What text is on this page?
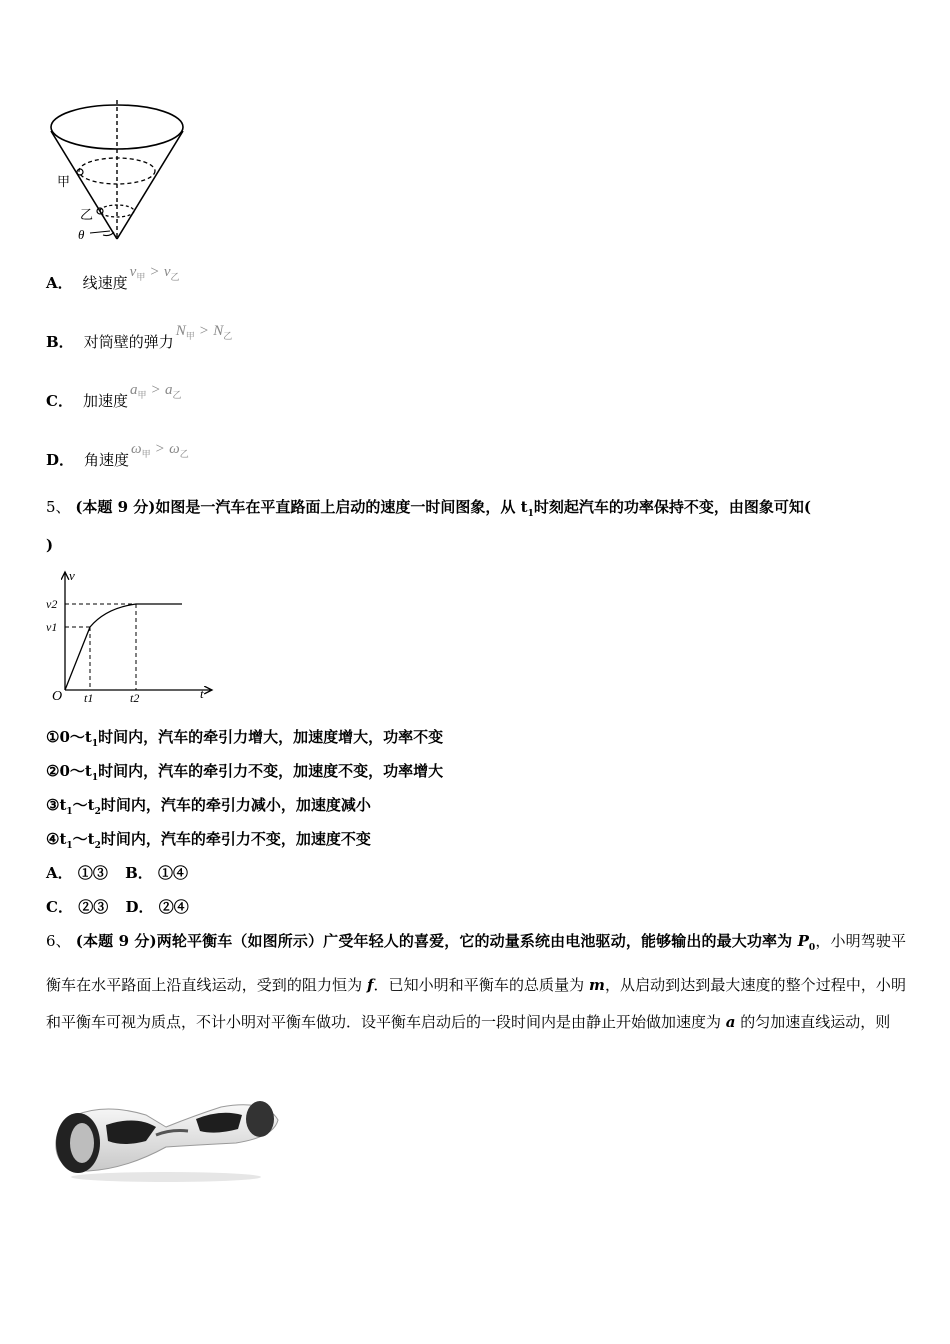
甲
乙
θ
A． 线速度$v_甲 > v_乙$
B． 对筒壁的弹力$N_甲 > N_乙$
C． 加速度$a_甲 > a_乙$
D． 角速度$\omega_甲 > \omega_乙$
5、 (本题 9 分)如图是一汽车在平直路面上启动的速度一时间图象，从 $t_1$时刻起汽车的功率保持不变，由图象可知(
)
v
v2
v1
O t1	t2	t
$①0\sim t_1$时间内，汽车的牵引力增大，加速度增大，功率不变
$②0\sim t_1$时间内，汽车的牵引力不变，加速度不变，功率增大
$③t_1\sim t_2$时间内，汽车的牵引力减小，加速度减小
$④t_1\sim t_2$时间内，汽车的牵引力不变，加速度不变
A． ①③ B． ①④
C． ②③ D． ②④
6、 (本题 9 分)两轮平衡车（如图所示）广受年轻人的喜爱，它的动量系统由电池驱动，能够输出的最大功率为 $P_0$，小明驾驶平衡车在水平路面上沿直线运动，受到的阻力恒为 f．已知小明和平衡车的总质量为 m，从启动到达到最大速度的整个过程中，小明和平衡车可视为质点，不计小明对平衡车做功．设平衡车启动后的一段时间内是由静止开始做加速度为 a 的匀加速直线运动，则
